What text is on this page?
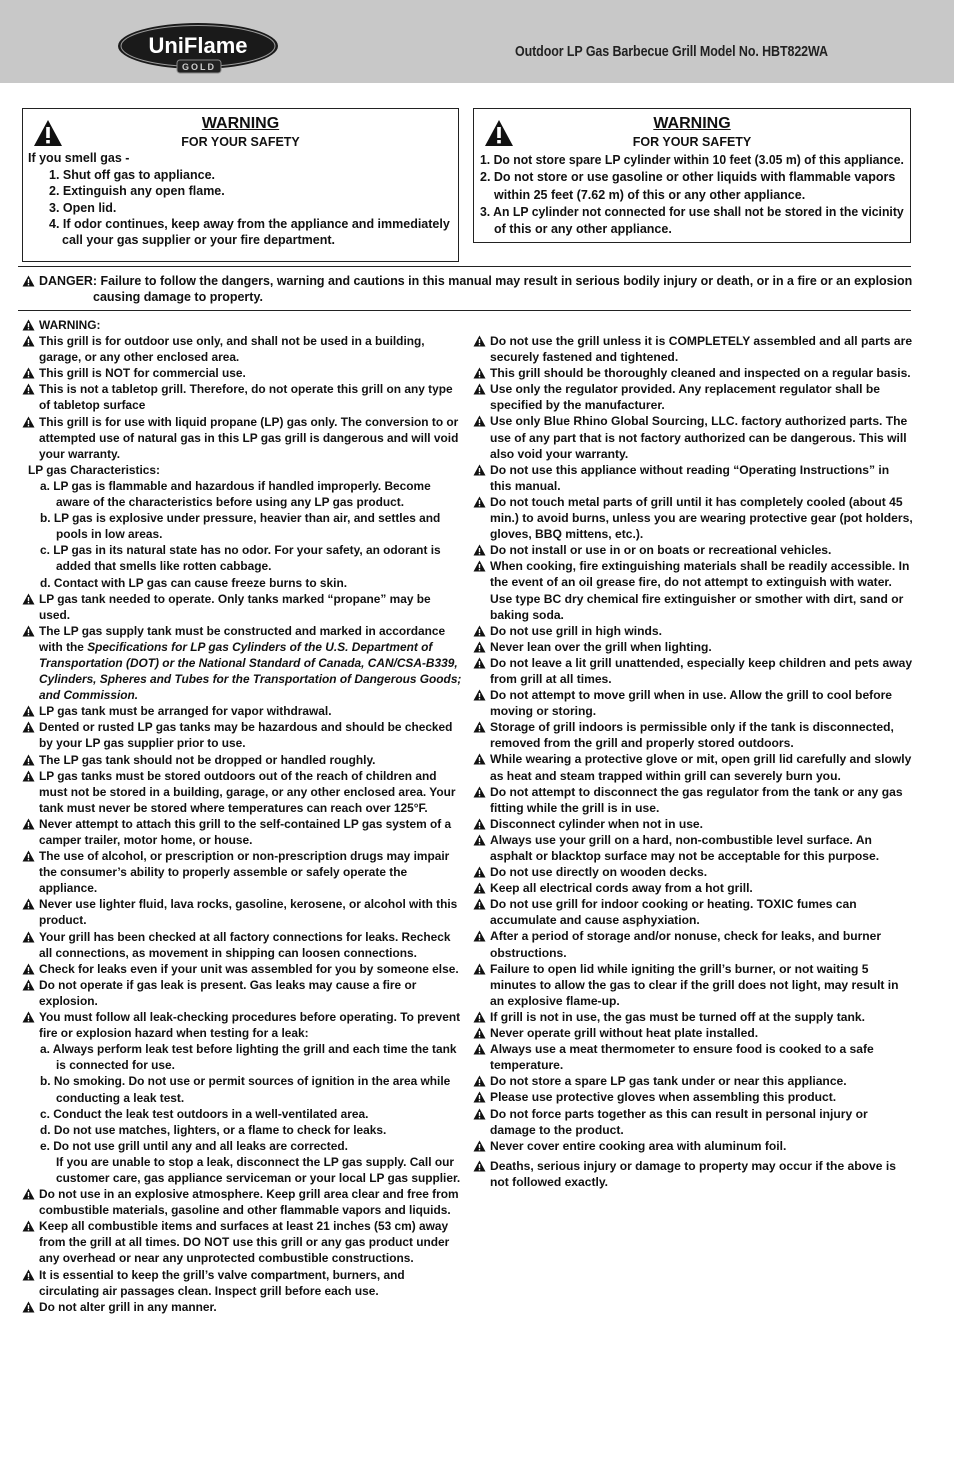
UniFlame
GOLD
Outdoor LP Gas Barbecue Grill Model No. HBT822WA
WARNING
FOR YOUR SAFETY
If you smell gas -
1. Shut off gas to appliance.
2. Extinguish any open flame.
3. Open lid.
4. If odor continues, keep away from the appliance and immediately
call your gas supplier or your fire department.
WARNING
FOR YOUR SAFETY
1. Do not store spare LP cylinder within 10 feet (3.05 m) of this appliance.
2. Do not store or use gasoline or other liquids with flammable vapors
within 25 feet (7.62 m) of this or any other appliance.
3. An LP cylinder not connected for use shall not be stored in the vicinity
of this or any other appliance.
DANGER: Failure to follow the dangers, warning and cautions in this manual may result in serious bodily injury or death, or in a fire or an explosion
causing damage to property.
WARNING:
This grill is for outdoor use only, and shall not be used in a building, garage, or any other enclosed area.
This grill is NOT for commercial use.
This is not a tabletop grill. Therefore, do not operate this grill on any type of tabletop surface
This grill is for use with liquid propane (LP) gas only. The conversion to or attempted use of natural gas in this LP gas grill is dangerous and will void your warranty.
LP gas Characteristics:
a. LP gas is flammable and hazardous if handled improperly. Become aware of the characteristics before using any LP gas product.
b. LP gas is explosive under pressure, heavier than air, and settles and pools in low areas.
c. LP gas in its natural state has no odor. For your safety, an odorant is added that smells like rotten cabbage.
d. Contact with LP gas can cause freeze burns to skin.
LP gas tank needed to operate. Only tanks marked “propane” may be used.
The LP gas supply tank must be constructed and marked in accordance with the Specifications for LP gas Cylinders of the U.S. Department of Transportation (DOT) or the National Standard of Canada, CAN/CSA-B339, Cylinders, Spheres and Tubes for the Transportation of Dangerous Goods; and Commission.
LP gas tank must be arranged for vapor withdrawal.
Dented or rusted LP gas tanks may be hazardous and should be checked by your LP gas supplier prior to use.
The LP gas tank should not be dropped or handled roughly.
LP gas tanks must be stored outdoors out of the reach of children and must not be stored in a building, garage, or any other enclosed area. Your tank must never be stored where temperatures can reach over 125°F.
Never attempt to attach this grill to the self-contained LP gas system of a camper trailer, motor home, or house.
The use of alcohol, or prescription or non-prescription drugs may impair the consumer’s ability to properly assemble or safely operate the appliance.
Never use lighter fluid, lava rocks, gasoline, kerosene, or alcohol with this product.
Your grill has been checked at all factory connections for leaks. Recheck all connections, as movement in shipping can loosen connections.
Check for leaks even if your unit was assembled for you by someone else.
Do not operate if gas leak is present. Gas leaks may cause a fire or explosion.
You must follow all leak-checking procedures before operating. To prevent fire or explosion hazard when testing for a leak:
a. Always perform leak test before lighting the grill and each time the tank is connected for use.
b. No smoking. Do not use or permit sources of ignition in the area while conducting a leak test.
c. Conduct the leak test outdoors in a well-ventilated area.
d. Do not use matches, lighters, or a flame to check for leaks.
e. Do not use grill until any and all leaks are corrected.
If you are unable to stop a leak, disconnect the LP gas supply. Call our customer care, gas appliance serviceman or your local LP gas supplier.
Do not use in an explosive atmosphere. Keep grill area clear and free from combustible materials, gasoline and other flammable vapors and liquids.
Keep all combustible items and surfaces at least 21 inches (53 cm) away from the grill at all times. DO NOT use this grill or any gas product under any overhead or near any unprotected combustible constructions.
It is essential to keep the grill’s valve compartment, burners, and circulating air passages clean. Inspect grill before each use.
Do not alter grill in any manner.
Do not use the grill unless it is COMPLETELY assembled and all parts are securely fastened and tightened.
This grill should be thoroughly cleaned and inspected on a regular basis.
Use only the regulator provided. Any replacement regulator shall be specified by the manufacturer.
Use only Blue Rhino Global Sourcing, LLC. factory authorized parts. The use of any part that is not factory authorized can be dangerous. This will also void your warranty.
Do not use this appliance without reading “Operating Instructions” in this manual.
Do not touch metal parts of grill until it has completely cooled (about 45 min.) to avoid burns, unless you are wearing protective gear (pot holders, gloves, BBQ mittens, etc.).
Do not install or use in or on boats or recreational vehicles.
When cooking, fire extinguishing materials shall be readily accessible. In the event of an oil grease fire, do not attempt to extinguish with water. Use type BC dry chemical fire extinguisher or smother with dirt, sand or baking soda.
Do not use grill in high winds.
Never lean over the grill when lighting.
Do not leave a lit grill unattended, especially keep children and pets away from grill at all times.
Do not attempt to move grill when in use. Allow the grill to cool before moving or storing.
Storage of grill indoors is permissible only if the tank is disconnected, removed from the grill and properly stored outdoors.
While wearing a protective glove or mit, open grill lid carefully and slowly as heat and steam trapped within grill can severely burn you.
Do not attempt to disconnect the gas regulator from the tank or any gas fitting while the grill is in use.
Disconnect cylinder when not in use.
Always use your grill on a hard, non-combustible level surface. An asphalt or blacktop surface may not be acceptable for this purpose.
Do not use directly on wooden decks.
Keep all electrical cords away from a hot grill.
Do not use grill for indoor cooking or heating. TOXIC fumes can accumulate and cause asphyxiation.
After a period of storage and/or nonuse, check for leaks, and burner obstructions.
Failure to open lid while igniting the grill’s burner, or not waiting 5 minutes to allow the gas to clear if the grill does not light, may result in an explosive flame-up.
If grill is not in use, the gas must be turned off at the supply tank.
Never operate grill without heat plate installed.
Always use a meat thermometer to ensure food is cooked to a safe temperature.
Do not store a spare LP gas tank under or near this appliance.
Please use protective gloves when assembling this product.
Do not force parts together as this can result in personal injury or damage to the product.
Never cover entire cooking area with aluminum foil.
Deaths, serious injury or damage to property may occur if the above is not followed exactly.
